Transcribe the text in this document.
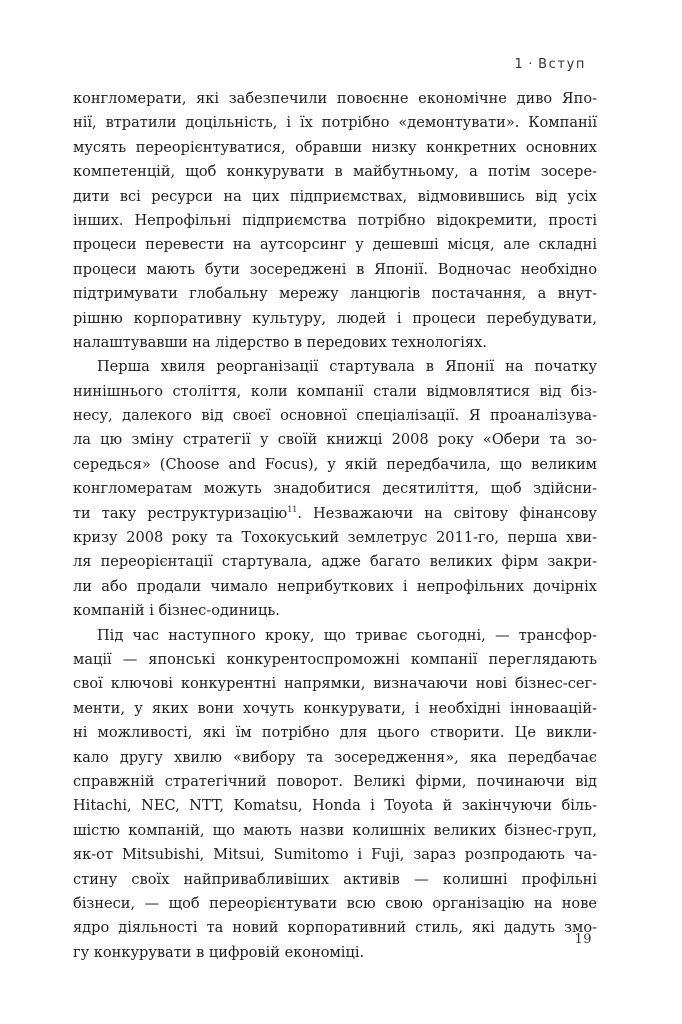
1 · Вступ
конгломерати, які забезпечили повоєнне економічне диво Япо-
нії, втратили доцільність, і їх потрібно «демонтувати». Компанії
мусять переорієнтуватися, обравши низку конкретних основних
компетенцій, щоб конкурувати в майбутньому, а потім зосере-
дити всі ресурси на цих підприємствах, відмовившись від усіх
інших. Непрофільні підприємства потрібно відокремити, прості
процеси перевести на аутсорсинг у дешевші місця, але складні
процеси мають бути зосереджені в Японії. Водночас необхідно
підтримувати глобальну мережу ланцюгів постачання, а внут-
рішню корпоративну культуру, людей і процеси перебудувати,
налаштувавши на лідерство в передових технологіях.
Перша хвиля реорганізації стартувала в Японії на початку
нинішнього століття, коли компанії стали відмовлятися від біз-
несу, далекого від своєї основної спеціалізації. Я проаналізува-
ла цю зміну стратегії у своїй книжці 2008 року «Обери та зо-
середься» (Choose and Focus), у якій передбачила, що великим
конгломератам можуть знадобитися десятиліття, щоб здійсни-
ти таку реструктуризацію$^{11}$. Незважаючи на світову фінансову
кризу 2008 року та Тохокуський землетрус 2011-го, перша хви-
ля переорієнтації стартувала, адже багато великих фірм закри-
ли або продали чимало неприбуткових і непрофільних дочірніх
компаній і бізнес-одиниць.
Під час наступного кроку, що триває сьогодні, — трансфор-
мації — японські конкурентоспроможні компанії переглядають
свої ключові конкурентні напрямки, визначаючи нові бізнес-сег-
менти, у яких вони хочуть конкурувати, і необхідні інноваацій-
ні можливості, які їм потрібно для цього створити. Це викли-
кало другу хвилю «вибору та зосередження», яка передбачає
справжній стратегічний поворот. Великі фірми, починаючи від
Hitachi, NEC, NTT, Komatsu, Honda і Toyota й закінчуючи біль-
шістю компаній, що мають назви колишніх великих бізнес-груп,
як-от Mitsubishi, Mitsui, Sumitomo і Fuji, зараз розпродають ча-
стину своїх найпривабливіших активів — колишні профільні
бізнеси, — щоб переорієнтувати всю свою організацію на нове
ядро діяльності та новий корпоративний стиль, які дадуть змо-
гу конкурувати в цифровій економіці.
19
